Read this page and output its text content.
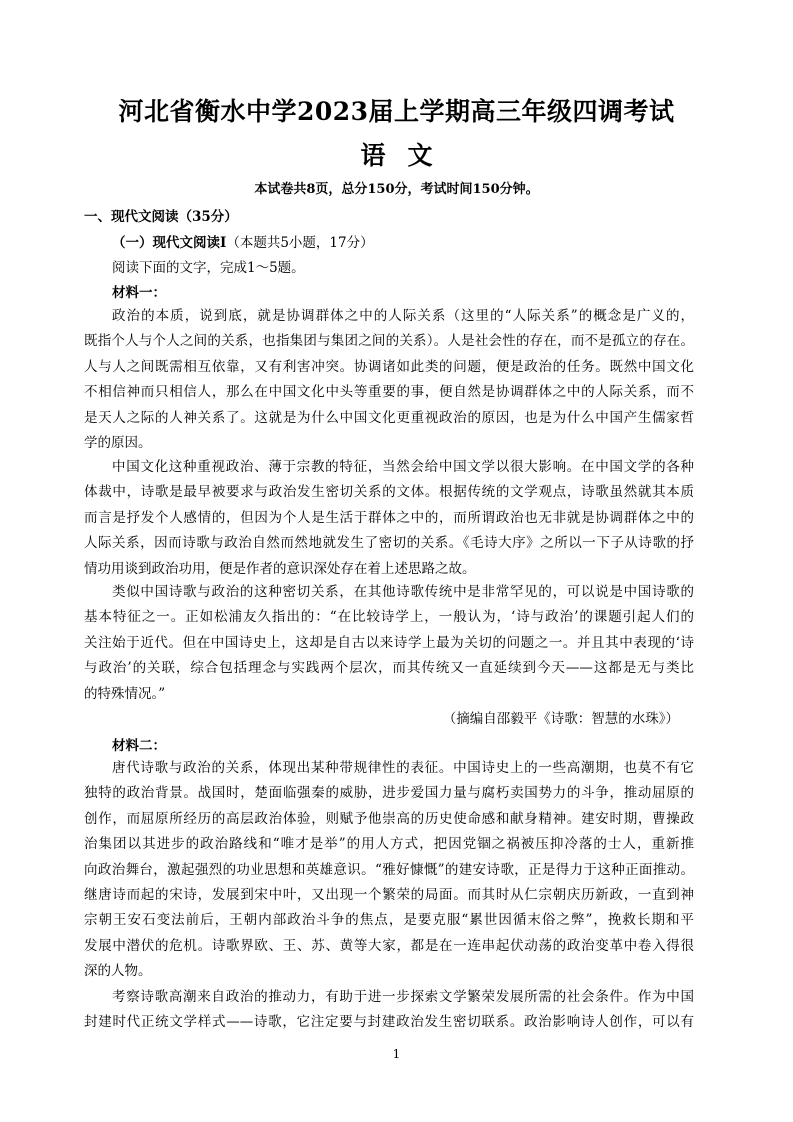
河北省衡水中学2023届上学期高三年级四调考试
语文
本试卷共8页，总分150分，考试时间150分钟。
一、现代文阅读（35分）
（一）现代文阅读Ⅰ（本题共5小题，17分）
阅读下面的文字，完成1～5题。
材料一：
政治的本质，说到底，就是协调群体之中的人际关系（这里的“人际关系”的概念是广义的，
既指个人与个人之间的关系，也指集团与集团之间的关系）。人是社会性的存在，而不是孤立的存在。
人与人之间既需相互依靠，又有利害冲突。协调诸如此类的问题，便是政治的任务。既然中国文化
不相信神而只相信人，那么在中国文化中头等重要的事，便自然是协调群体之中的人际关系，而不
是天人之际的人神关系了。这就是为什么中国文化更重视政治的原因，也是为什么中国产生儒家哲
学的原因。
中国文化这种重视政治、薄于宗教的特征，当然会给中国文学以很大影响。在中国文学的各种
体裁中，诗歌是最早被要求与政治发生密切关系的文体。根据传统的文学观点，诗歌虽然就其本质
而言是抒发个人感情的，但因为个人是生活于群体之中的，而所谓政治也无非就是协调群体之中的
人际关系，因而诗歌与政治自然而然地就发生了密切的关系。《毛诗大序》之所以一下子从诗歌的抒
情功用谈到政治功用，便是作者的意识深处存在着上述思路之故。
类似中国诗歌与政治的这种密切关系，在其他诗歌传统中是非常罕见的，可以说是中国诗歌的
基本特征之一。正如松浦友久指出的：“在比较诗学上，一般认为，‘诗与政治’的课题引起人们的
关注始于近代。但在中国诗史上，这却是自古以来诗学上最为关切的问题之一。并且其中表现的‘诗
与政治’的关联，综合包括理念与实践两个层次，而其传统又一直延续到今天——这都是无与类比
的特殊情况。”
（摘编自邵毅平《诗歌：智慧的水珠》）
材料二：
唐代诗歌与政治的关系，体现出某种带规律性的表征。中国诗史上的一些高潮期，也莫不有它
独特的政治背景。战国时，楚面临强秦的威胁，进步爱国力量与腐朽卖国势力的斗争，推动屈原的
创作，而屈原所经历的高层政治体验，则赋予他崇高的历史使命感和献身精神。建安时期，曹操政
治集团以其进步的政治路线和“唯才是举”的用人方式，把因党锢之祸被压抑冷落的士人，重新推
向政治舞台，激起强烈的功业思想和英雄意识。“雅好慷慨”的建安诗歌，正是得力于这种正面推动。
继唐诗而起的宋诗，发展到宋中叶，又出现一个繁荣的局面。而其时从仁宗朝庆历新政，一直到神
宗朝王安石变法前后，王朝内部政治斗争的焦点，是要克服“累世因循末俗之弊”，挽救长期和平
发展中潜伏的危机。诗歌界欧、王、苏、黄等大家，都是在一连串起伏动荡的政治变革中卷入得很
深的人物。
考察诗歌高潮来自政治的推动力，有助于进一步探索文学繁荣发展所需的社会条件。作为中国
封建时代正统文学样式——诗歌，它注定要与封建政治发生密切联系。政治影响诗人创作，可以有
1
